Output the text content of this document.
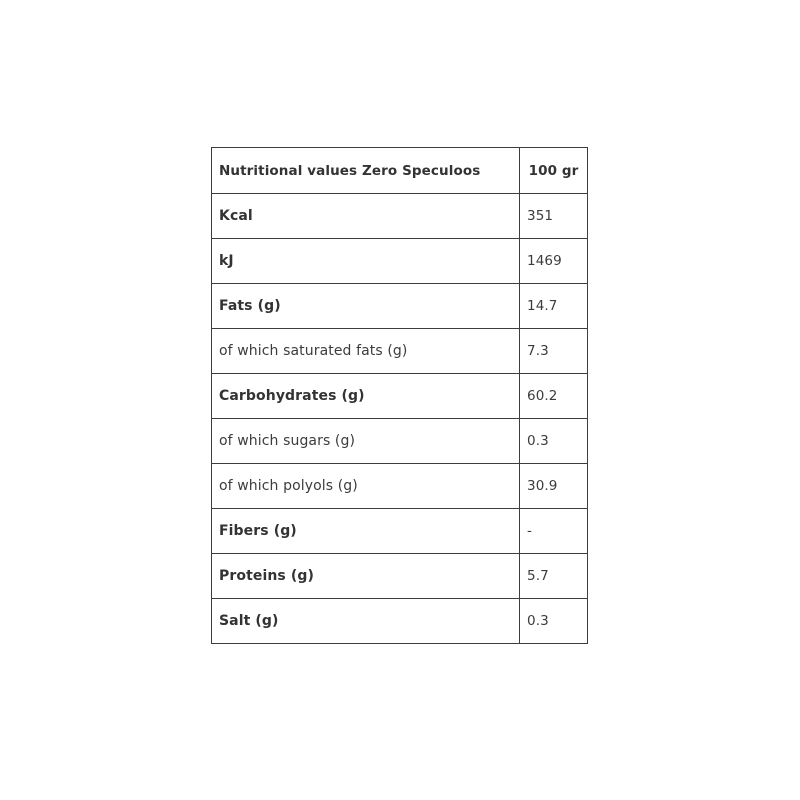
Nutritional values Zero Speculoos	100 gr
Kcal	351
kJ	1469
Fats (g)	14.7
of which saturated fats (g)	7.3
Carbohydrates (g)	60.2
of which sugars (g)	0.3
of which polyols (g)	30.9
Fibers (g)	-
Proteins (g)	5.7
Salt (g)	0.3
